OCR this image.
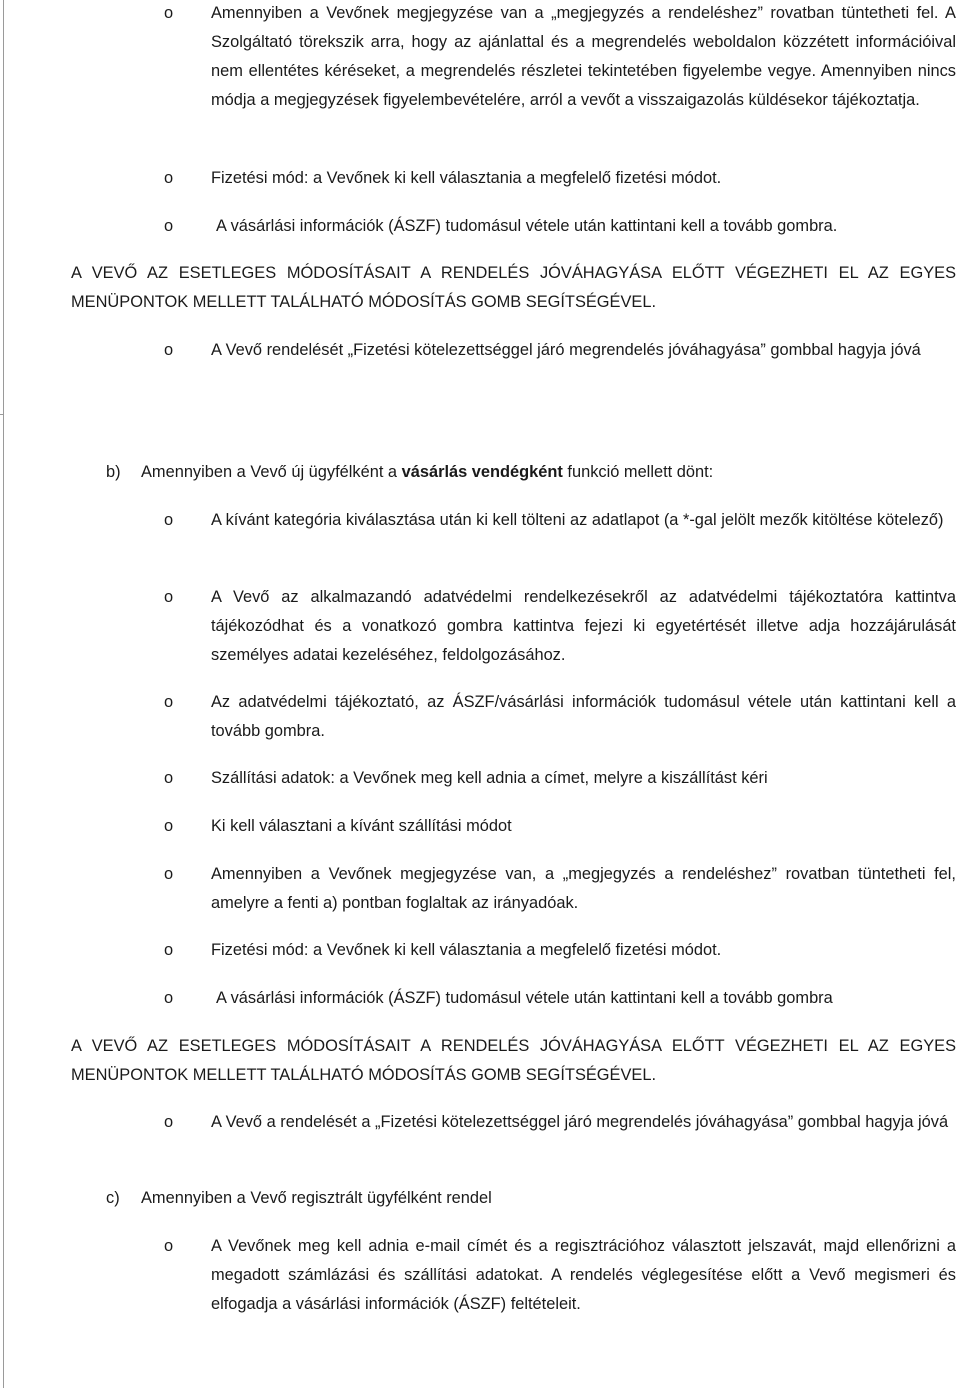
o Amennyiben a Vevőnek megjegyzése van a „megjegyzés a rendeléshez” rovatban tüntetheti fel. A Szolgáltató törekszik arra, hogy az ajánlattal és a megrendelés weboldalon közzétett információival nem ellentétes kéréseket, a megrendelés részletei tekintetében figyelembe vegye. Amennyiben nincs módja a megjegyzések figyelembevételére, arról a vevőt a visszaigazolás küldésekor tájékoztatja.
o Fizetési mód: a Vevőnek ki kell választania a megfelelő fizetési módot.
o	A vásárlási információk (ÁSZF) tudomásul vétele után kattintani kell a tovább gombra.
A VEVŐ AZ ESETLEGES MÓDOSÍTÁSAIT A RENDELÉS JÓVÁHAGYÁSA ELŐTT VÉGEZHETI EL AZ EGYES MENÜPONTOK MELLETT TALÁLHATÓ MÓDOSÍTÁS GOMB SEGÍTSÉGÉVEL.
o A Vevő rendelését „Fizetési kötelezettséggel járó megrendelés jóváhagyása” gombbal hagyja jóvá
b) Amennyiben a Vevő új ügyfélként a vásárlás vendégként funkció mellett dönt:
o A kívánt kategória kiválasztása után ki kell tölteni az adatlapot (a *-gal jelölt mezők kitöltése kötelező)
o A Vevő az alkalmazandó adatvédelmi rendelkezésekről az adatvédelmi tájékoztatóra kattintva tájékozódhat és a vonatkozó gombra kattintva fejezi ki egyetértését illetve adja hozzájárulását személyes adatai kezeléséhez, feldolgozásához.
o Az adatvédelmi tájékoztató, az ÁSZF/vásárlási információk tudomásul vétele után kattintani kell a tovább gombra.
o Szállítási adatok: a Vevőnek meg kell adnia a címet, melyre a kiszállítást kéri
o Ki kell választani a kívánt szállítási módot
o Amennyiben a Vevőnek megjegyzése van, a „megjegyzés a rendeléshez” rovatban tüntetheti fel, amelyre a fenti a) pontban foglaltak az irányadóak.
o Fizetési mód: a Vevőnek ki kell választania a megfelelő fizetési módot.
o	A vásárlási információk (ÁSZF) tudomásul vétele után kattintani kell a tovább gombra
A VEVŐ AZ ESETLEGES MÓDOSÍTÁSAIT A RENDELÉS JÓVÁHAGYÁSA ELŐTT VÉGEZHETI EL AZ EGYES MENÜPONTOK MELLETT TALÁLHATÓ MÓDOSÍTÁS GOMB SEGÍTSÉGÉVEL.
o A Vevő a rendelését a „Fizetési kötelezettséggel járó megrendelés jóváhagyása” gombbal hagyja jóvá
c) Amennyiben a Vevő regisztrált ügyfélként rendel
o A Vevőnek meg kell adnia e-mail címét és a regisztrációhoz választott jelszavát, majd ellenőrizni a megadott számlázási és szállítási adatokat. A rendelés véglegesítése előtt a Vevő megismeri és elfogadja a vásárlási információk (ÁSZF) feltételeit.
